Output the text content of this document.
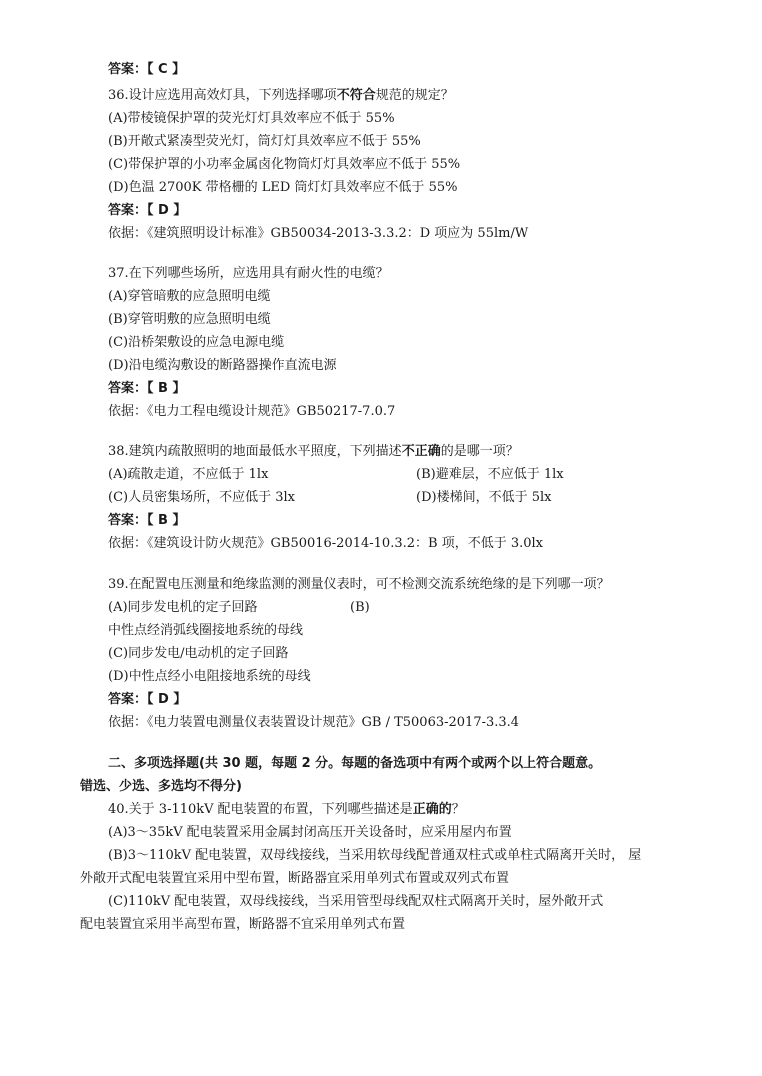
答案：【 C 】
36.设计应选用高效灯具，下列选择哪项不符合规范的规定？
(A)带棱镜保护罩的荧光灯灯具效率应不低于 55%
(B)开敞式紧凑型荧光灯，筒灯灯具效率应不低于 55%
(C)带保护罩的小功率金属卤化物筒灯灯具效率应不低于 55%
(D)色温 2700K 带格栅的 LED 筒灯灯具效率应不低于 55%
答案：【 D 】
依据：《建筑照明设计标准》GB50034-2013-3.3.2：D 项应为 55lm/W
37.在下列哪些场所，应选用具有耐火性的电缆？
(A)穿管暗敷的应急照明电缆
(B)穿管明敷的应急照明电缆
(C)沿桥架敷设的应急电源电缆
(D)沿电缆沟敷设的断路器操作直流电源
答案：【 B 】
依据：《电力工程电缆设计规范》GB50217-7.0.7
38.建筑内疏散照明的地面最低水平照度，下列描述不正确的是哪一项？
(A)疏散走道，不应低于 1lx	(B)避难层，不应低于 1lx
(C)人员密集场所，不应低于 3lx	(D)楼梯间，不低于 5lx
答案：【 B 】
依据：《建筑设计防火规范》GB50016-2014-10.3.2：B 项，不低于 3.0lx
39.在配置电压测量和绝缘监测的测量仪表时，可不检测交流系统绝缘的是下列哪一项？
(A)同步发电机的定子回路	(B)
中性点经消弧线圈接地系统的母线
(C)同步发电/电动机的定子回路
(D)中性点经小电阻接地系统的母线
答案：【 D 】
依据：《电力装置电测量仪表装置设计规范》GB / T50063-2017-3.3.4
二、多项选择题(共 30 题，每题 2 分。每题的备选项中有两个或两个以上符合题意。
错选、少选、多选均不得分)
40.关于 3-110kV 配电装置的布置，下列哪些描述是正确的？
(A)3～35kV 配电装置采用金属封闭高压开关设备时，应采用屋内布置
(B)3～110kV 配电装置，双母线接线，当采用软母线配普通双柱式或单柱式隔离开关时， 屋
外敞开式配电装置宜采用中型布置，断路器宜采用单列式布置或双列式布置
(C)110kV 配电装置，双母线接线，当采用管型母线配双柱式隔离开关时，屋外敞开式
配电装置宜采用半高型布置，断路器不宜采用单列式布置
